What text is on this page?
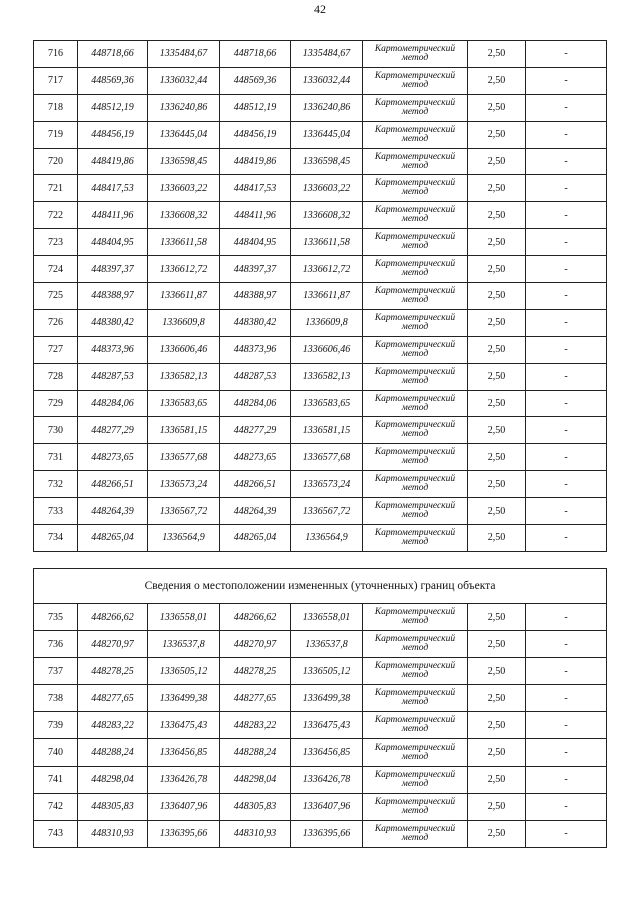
42
716	448718,66	1335484,67	448718,66	1335484,67	Картометрический
метод	2,50	-
717	448569,36	1336032,44	448569,36	1336032,44	Картометрический
метод	2,50	-
718	448512,19	1336240,86	448512,19	1336240,86	Картометрический
метод	2,50	-
719	448456,19	1336445,04	448456,19	1336445,04	Картометрический
метод	2,50	-
720	448419,86	1336598,45	448419,86	1336598,45	Картометрический
метод	2,50	-
721	448417,53	1336603,22	448417,53	1336603,22	Картометрический
метод	2,50	-
722	448411,96	1336608,32	448411,96	1336608,32	Картометрический
метод	2,50	-
723	448404,95	1336611,58	448404,95	1336611,58	Картометрический
метод	2,50	-
724	448397,37	1336612,72	448397,37	1336612,72	Картометрический
метод	2,50	-
725	448388,97	1336611,87	448388,97	1336611,87	Картометрический
метод	2,50	-
726	448380,42	1336609,8	448380,42	1336609,8	Картометрический
метод	2,50	-
727	448373,96	1336606,46	448373,96	1336606,46	Картометрический
метод	2,50	-
728	448287,53	1336582,13	448287,53	1336582,13	Картометрический
метод	2,50	-
729	448284,06	1336583,65	448284,06	1336583,65	Картометрический
метод	2,50	-
730	448277,29	1336581,15	448277,29	1336581,15	Картометрический
метод	2,50	-
731	448273,65	1336577,68	448273,65	1336577,68	Картометрический
метод	2,50	-
732	448266,51	1336573,24	448266,51	1336573,24	Картометрический
метод	2,50	-
733	448264,39	1336567,72	448264,39	1336567,72	Картометрический
метод	2,50	-
734	448265,04	1336564,9	448265,04	1336564,9	Картометрический
метод	2,50	-
Сведения о местоположении измененных (уточненных) границ объекта							
735	448266,62	1336558,01	448266,62	1336558,01	Картометрический
метод	2,50	-
736	448270,97	1336537,8	448270,97	1336537,8	Картометрический
метод	2,50	-
737	448278,25	1336505,12	448278,25	1336505,12	Картометрический
метод	2,50	-
738	448277,65	1336499,38	448277,65	1336499,38	Картометрический
метод	2,50	-
739	448283,22	1336475,43	448283,22	1336475,43	Картометрический
метод	2,50	-
740	448288,24	1336456,85	448288,24	1336456,85	Картометрический
метод	2,50	-
741	448298,04	1336426,78	448298,04	1336426,78	Картометрический
метод	2,50	-
742	448305,83	1336407,96	448305,83	1336407,96	Картометрический
метод	2,50	-
743	448310,93	1336395,66	448310,93	1336395,66	Картометрический
метод	2,50	-
